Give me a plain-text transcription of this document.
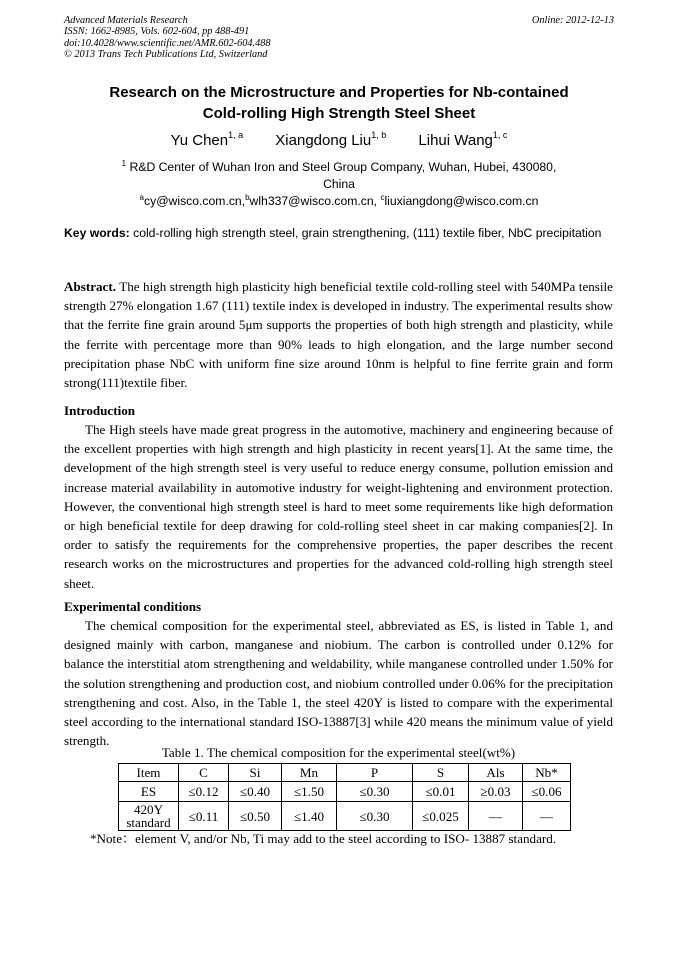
Advanced Materials Research
ISSN: 1662-8985, Vols. 602-604, pp 488-491
doi:10.4028/www.scientific.net/AMR.602-604.488
© 2013 Trans Tech Publications Ltd, Switzerland
Online: 2012-12-13
Research on the Microstructure and Properties for Nb-contained
Cold-rolling High Strength Steel Sheet
Yu Chen$^{1, a}$ Xiangdong Liu$^{1, b}$ Lihui Wang$^{1, c}$
$^1$ R&D Center of Wuhan Iron and Steel Group Company, Wuhan, Hubei, 430080, China
$^a$cy@wisco.com.cn,$^b$wlh337@wisco.com.cn, $^c$liuxiangdong@wisco.com.cn
Key words: cold-rolling high strength steel, grain strengthening, (111) textile fiber, NbC precipitation
Abstract. The high strength high plasticity high beneficial textile cold-rolling steel with 540MPa tensile strength 27% elongation 1.67 (111) textile index is developed in industry. The experimental results show that the ferrite fine grain around 5μm supports the properties of both high strength and plasticity, while the ferrite with percentage more than 90% leads to high elongation, and the large number second precipitation phase NbC with uniform fine size around 10nm is helpful to fine ferrite grain and form strong(111)textile fiber.
Introduction
The High steels have made great progress in the automotive, machinery and engineering because of the excellent properties with high strength and high plasticity in recent years[1]. At the same time, the development of the high strength steel is very useful to reduce energy consume, pollution emission and increase material availability in automotive industry for weight-lightening and environment protection. However, the conventional high strength steel is hard to meet some requirements like high deformation or high beneficial textile for deep drawing for cold-rolling steel sheet in car making companies[2]. In order to satisfy the requirements for the comprehensive properties, the paper describes the recent research works on the microstructures and properties for the advanced cold-rolling high strength steel sheet.
Experimental conditions
The chemical composition for the experimental steel, abbreviated as ES, is listed in Table 1, and designed mainly with carbon, manganese and niobium. The carbon is controlled under 0.12% for balance the interstitial atom strengthening and weldability, while manganese controlled under 1.50% for the solution strengthening and production cost, and niobium controlled under 0.06% for the precipitation strengthening and cost. Also, in the Table 1, the steel 420Y is listed to compare with the experimental steel according to the international standard ISO-13887[3] while 420 means the minimum value of yield strength.
Table 1. The chemical composition for the experimental steel(wt%)
Item	C	Si	Mn	P	S	Als	Nb*
ES	≤0.12	≤0.40	≤1.50	≤0.30	≤0.01	≥0.03	≤0.06
420Y standard	≤0.11	≤0.50	≤1.40	≤0.30	≤0.025	—	—
*Note：element V, and/or Nb, Ti may add to the steel according to ISO- 13887 standard.
